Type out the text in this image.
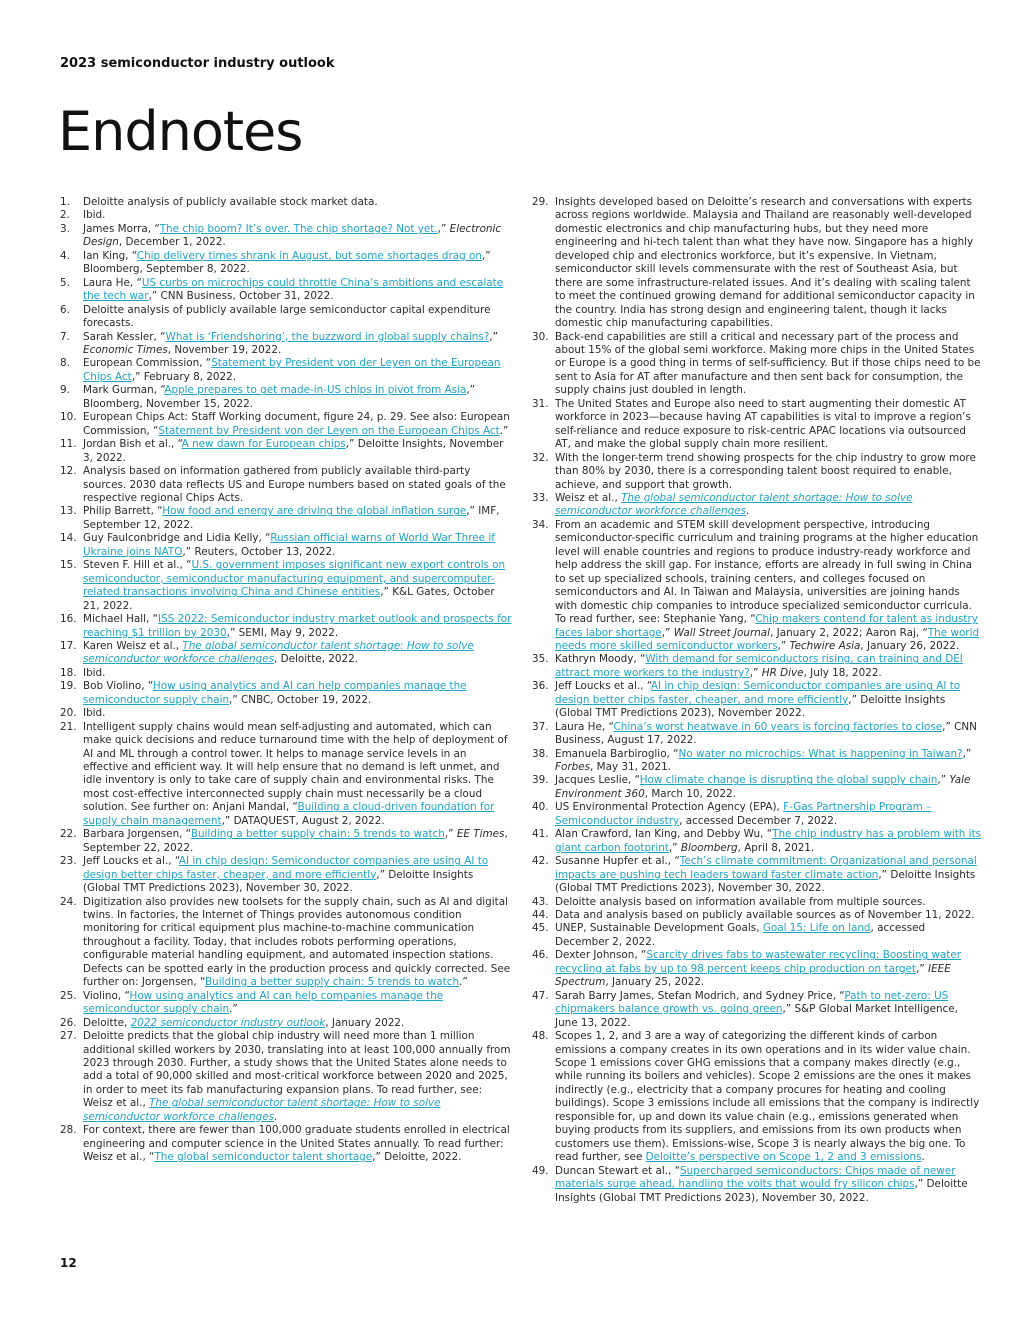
2023 semiconductor industry outlook
Endnotes
1. Deloitte analysis of publicly available stock market data.
2. Ibid.
3. James Morra, “The chip boom? It’s over. The chip shortage? Not yet.,” Electronic Design, December 1, 2022.
4. Ian King, “Chip delivery times shrank in August, but some shortages drag on,” Bloomberg, September 8, 2022.
5. Laura He, “US curbs on microchips could throttle China’s ambitions and escalate the tech war,” CNN Business, October 31, 2022.
6. Deloitte analysis of publicly available large semiconductor capital expenditure forecasts.
7. Sarah Kessler, “What is ‘Friendshoring’, the buzzword in global supply chains?,” Economic Times, November 19, 2022.
8. European Commission, “Statement by President von der Leyen on the European Chips Act,” February 8, 2022.
9. Mark Gurman, “Apple prepares to get made-in-US chips in pivot from Asia,” Bloomberg, November 15, 2022.
10. European Chips Act: Staff Working document, figure 24, p. 29. See also: European Commission, “Statement by President von der Leyen on the European Chips Act.”
11. Jordan Bish et al., “A new dawn for European chips,” Deloitte Insights, November 3, 2022.
12. Analysis based on information gathered from publicly available third-party sources. 2030 data reflects US and Europe numbers based on stated goals of the respective regional Chips Acts.
13. Philip Barrett, “How food and energy are driving the global inflation surge,” IMF, September 12, 2022.
14. Guy Faulconbridge and Lidia Kelly, “Russian official warns of World War Three if Ukraine joins NATO,” Reuters, October 13, 2022.
15. Steven F. Hill et al., “U.S. government imposes significant new export controls on semiconductor, semiconductor manufacturing equipment, and supercomputer-related transactions involving China and Chinese entities,” K&L Gates, October 21, 2022.
16. Michael Hall, “ISS 2022: Semiconductor industry market outlook and prospects for reaching $1 trillion by 2030,” SEMI, May 9, 2022.
17. Karen Weisz et al., The global semiconductor talent shortage: How to solve semiconductor workforce challenges, Deloitte, 2022.
18. Ibid.
19. Bob Violino, “How using analytics and AI can help companies manage the semiconductor supply chain,” CNBC, October 19, 2022.
20. Ibid.
21. Intelligent supply chains would mean self-adjusting and automated, which can make quick decisions and reduce turnaround time with the help of deployment of AI and ML through a control tower. It helps to manage service levels in an effective and efficient way. It will help ensure that no demand is left unmet, and idle inventory is only to take care of supply chain and environmental risks. The most cost-effective interconnected supply chain must necessarily be a cloud solution. See further on: Anjani Mandal, “Building a cloud-driven foundation for supply chain management,” DATAQUEST, August 2, 2022.
22. Barbara Jorgensen, “Building a better supply chain: 5 trends to watch,” EE Times, September 22, 2022.
23. Jeff Loucks et al., “AI in chip design: Semiconductor companies are using AI to design better chips faster, cheaper, and more efficiently,” Deloitte Insights (Global TMT Predictions 2023), November 30, 2022.
24. Digitization also provides new toolsets for the supply chain, such as AI and digital twins. In factories, the Internet of Things provides autonomous condition monitoring for critical equipment plus machine-to-machine communication throughout a facility. Today, that includes robots performing operations, configurable material handling equipment, and automated inspection stations. Defects can be spotted early in the production process and quickly corrected. See further on: Jorgensen, “Building a better supply chain: 5 trends to watch.”
25. Violino, “How using analytics and AI can help companies manage the semiconductor supply chain.”
26. Deloitte, 2022 semiconductor industry outlook, January 2022.
27. Deloitte predicts that the global chip industry will need more than 1 million additional skilled workers by 2030, translating into at least 100,000 annually from 2023 through 2030. Further, a study shows that the United States alone needs to add a total of 90,000 skilled and most-critical workforce between 2020 and 2025, in order to meet its fab manufacturing expansion plans. To read further, see: Weisz et al., The global semiconductor talent shortage: How to solve semiconductor workforce challenges.
28. For context, there are fewer than 100,000 graduate students enrolled in electrical engineering and computer science in the United States annually. To read further: Weisz et al., “The global semiconductor talent shortage,” Deloitte, 2022.
29. Insights developed based on Deloitte’s research and conversations with experts across regions worldwide. Malaysia and Thailand are reasonably well-developed domestic electronics and chip manufacturing hubs, but they need more engineering and hi-tech talent than what they have now. Singapore has a highly developed chip and electronics workforce, but it’s expensive. In Vietnam, semiconductor skill levels commensurate with the rest of Southeast Asia, but there are some infrastructure-related issues. And it’s dealing with scaling talent to meet the continued growing demand for additional semiconductor capacity in the country. India has strong design and engineering talent, though it lacks domestic chip manufacturing capabilities.
30. Back-end capabilities are still a critical and necessary part of the process and about 15% of the global semi workforce. Making more chips in the United States or Europe is a good thing in terms of self-sufficiency. But if those chips need to be sent to Asia for AT after manufacture and then sent back for consumption, the supply chains just doubled in length.
31. The United States and Europe also need to start augmenting their domestic AT workforce in 2023—because having AT capabilities is vital to improve a region’s self-reliance and reduce exposure to risk-centric APAC locations via outsourced AT, and make the global supply chain more resilient.
32. With the longer-term trend showing prospects for the chip industry to grow more than 80% by 2030, there is a corresponding talent boost required to enable, achieve, and support that growth.
33. Weisz et al., The global semiconductor talent shortage: How to solve semiconductor workforce challenges.
34. From an academic and STEM skill development perspective, introducing semiconductor-specific curriculum and training programs at the higher education level will enable countries and regions to produce industry-ready workforce and help address the skill gap. For instance, efforts are already in full swing in China to set up specialized schools, training centers, and colleges focused on semiconductors and AI. In Taiwan and Malaysia, universities are joining hands with domestic chip companies to introduce specialized semiconductor curricula. To read further, see: Stephanie Yang, “Chip makers contend for talent as industry faces labor shortage,” Wall Street Journal, January 2, 2022; Aaron Raj, “The world needs more skilled semiconductor workers,” Techwire Asia, January 26, 2022.
35. Kathryn Moody, “With demand for semiconductors rising, can training and DEI attract more workers to the industry?,” HR Dive, July 18, 2022.
36. Jeff Loucks et al., “AI in chip design: Semiconductor companies are using AI to design better chips faster, cheaper, and more efficiently,” Deloitte Insights (Global TMT Predictions 2023), November 2022.
37. Laura He, “China’s worst heatwave in 60 years is forcing factories to close,” CNN Business, August 17, 2022.
38. Emanuela Barbiroglio, “No water no microchips: What is happening in Taiwan?,” Forbes, May 31, 2021.
39. Jacques Leslie, “How climate change is disrupting the global supply chain,” Yale Environment 360, March 10, 2022.
40. US Environmental Protection Agency (EPA), F-Gas Partnership Program – Semiconductor industry, accessed December 7, 2022.
41. Alan Crawford, Ian King, and Debby Wu, “The chip industry has a problem with its giant carbon footprint,” Bloomberg, April 8, 2021.
42. Susanne Hupfer et al., “Tech’s climate commitment: Organizational and personal impacts are pushing tech leaders toward faster climate action,” Deloitte Insights (Global TMT Predictions 2023), November 30, 2022.
43. Deloitte analysis based on information available from multiple sources.
44. Data and analysis based on publicly available sources as of November 11, 2022.
45. UNEP, Sustainable Development Goals, Goal 15: Life on land, accessed December 2, 2022.
46. Dexter Johnson, “Scarcity drives fabs to wastewater recycling: Boosting water recycling at fabs by up to 98 percent keeps chip production on target,” IEEE Spectrum, January 25, 2022.
47. Sarah Barry James, Stefan Modrich, and Sydney Price, “Path to net-zero: US chipmakers balance growth vs. going green,” S&P Global Market Intelligence, June 13, 2022.
48. Scopes 1, 2, and 3 are a way of categorizing the different kinds of carbon emissions a company creates in its own operations and in its wider value chain. Scope 1 emissions cover GHG emissions that a company makes directly (e.g., while running its boilers and vehicles). Scope 2 emissions are the ones it makes indirectly (e.g., electricity that a company procures for heating and cooling buildings). Scope 3 emissions include all emissions that the company is indirectly responsible for, up and down its value chain (e.g., emissions generated when buying products from its suppliers, and emissions from its own products when customers use them). Emissions-wise, Scope 3 is nearly always the big one. To read further, see Deloitte’s perspective on Scope 1, 2 and 3 emissions.
49. Duncan Stewart et al., “Supercharged semiconductors: Chips made of newer materials surge ahead, handling the volts that would fry silicon chips,” Deloitte Insights (Global TMT Predictions 2023), November 30, 2022.
12
